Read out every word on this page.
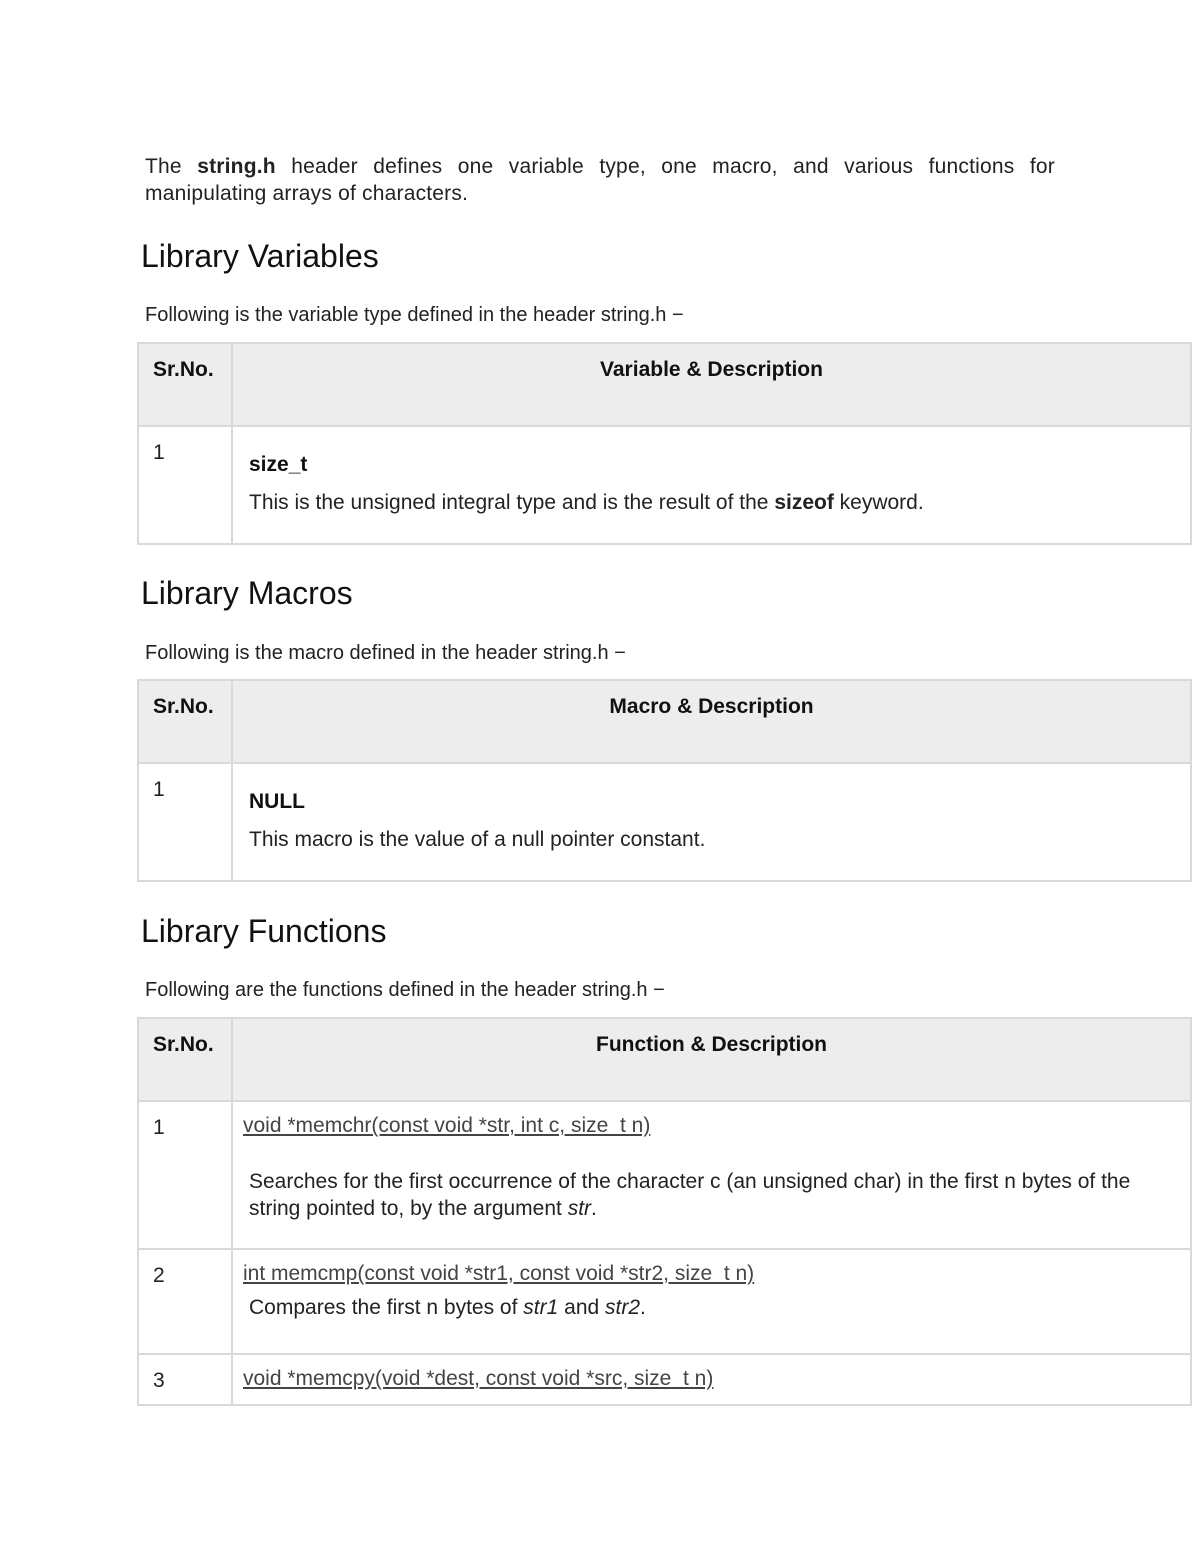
The string.h header defines one variable type, one macro, and various functions for manipulating arrays of characters.

Library Variables
Following is the variable type defined in the header string.h −
Sr.No.	Variable & Description
1	size_t
This is the unsigned integral type and is the result of the sizeof keyword.
Library Macros
Following is the macro defined in the header string.h −
Sr.No.	Macro & Description
1	NULL
This macro is the value of a null pointer constant.
Library Functions
Following are the functions defined in the header string.h −
Sr.No.	Function & Description
1	void *memchr(const void *str, int c, size_t n)
Searches for the first occurrence of the character c (an unsigned char) in the first n bytes of the string pointed to, by the argument str.

2	int memcmp(const void *str1, const void *str2, size_t n)
Compares the first n bytes of str1 and str2.

3	void *memcpy(void *dest, const void *src, size_t n)
